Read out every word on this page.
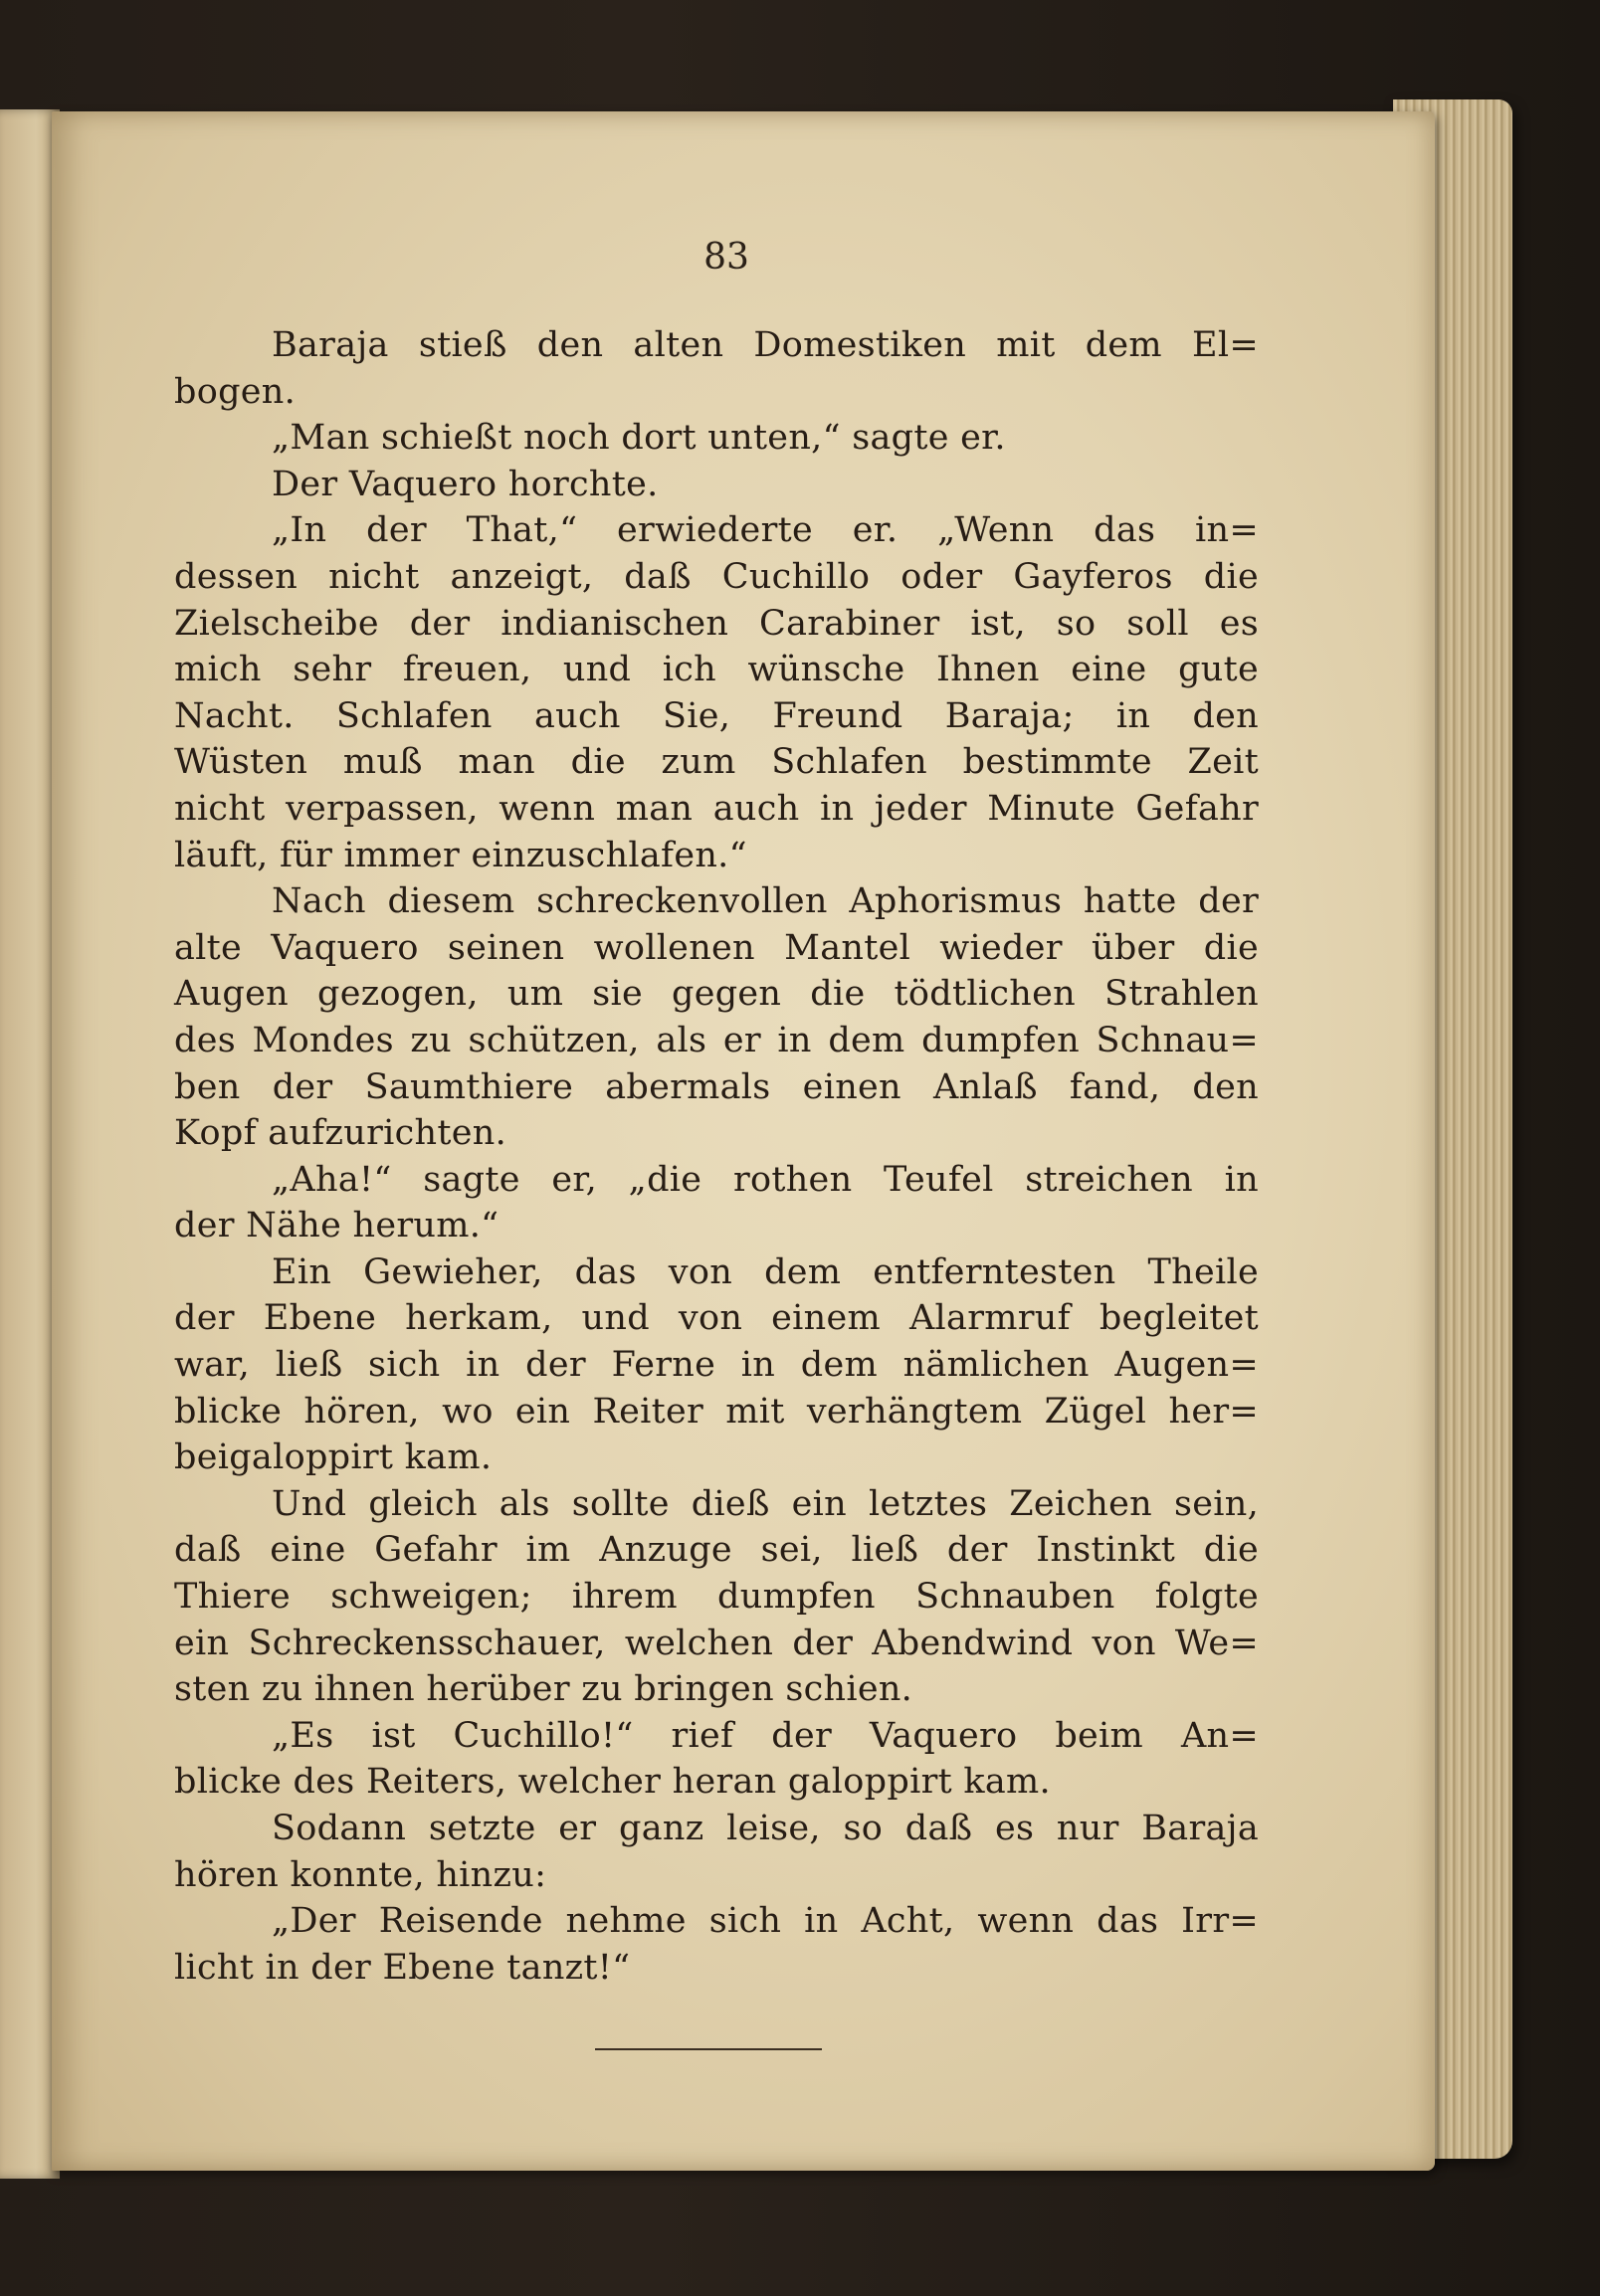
83
Baraja stieß den alten Domestiken mit dem El=
bogen.
„Man schießt noch dort unten,“ sagte er.
Der Vaquero horchte.
„In der That,“ erwiederte er. „Wenn das in=
dessen nicht anzeigt, daß Cuchillo oder Gayferos die
Zielscheibe der indianischen Carabiner ist, so soll es
mich sehr freuen, und ich wünsche Ihnen eine gute
Nacht. Schlafen auch Sie, Freund Baraja; in den
Wüsten muß man die zum Schlafen bestimmte Zeit
nicht verpassen, wenn man auch in jeder Minute Gefahr
läuft, für immer einzuschlafen.“
Nach diesem schreckenvollen Aphorismus hatte der
alte Vaquero seinen wollenen Mantel wieder über die
Augen gezogen, um sie gegen die tödtlichen Strahlen
des Mondes zu schützen, als er in dem dumpfen Schnau=
ben der Saumthiere abermals einen Anlaß fand, den
Kopf aufzurichten.
„Aha!“ sagte er, „die rothen Teufel streichen in
der Nähe herum.“
Ein Gewieher, das von dem entferntesten Theile
der Ebene herkam, und von einem Alarmruf begleitet
war, ließ sich in der Ferne in dem nämlichen Augen=
blicke hören, wo ein Reiter mit verhängtem Zügel her=
beigaloppirt kam.
Und gleich als sollte dieß ein letztes Zeichen sein,
daß eine Gefahr im Anzuge sei, ließ der Instinkt die
Thiere schweigen; ihrem dumpfen Schnauben folgte
ein Schreckensschauer, welchen der Abendwind von We=
sten zu ihnen herüber zu bringen schien.
„Es ist Cuchillo!“ rief der Vaquero beim An=
blicke des Reiters, welcher heran galoppirt kam.
Sodann setzte er ganz leise, so daß es nur Baraja
hören konnte, hinzu:
„Der Reisende nehme sich in Acht, wenn das Irr=
licht in der Ebene tanzt!“
